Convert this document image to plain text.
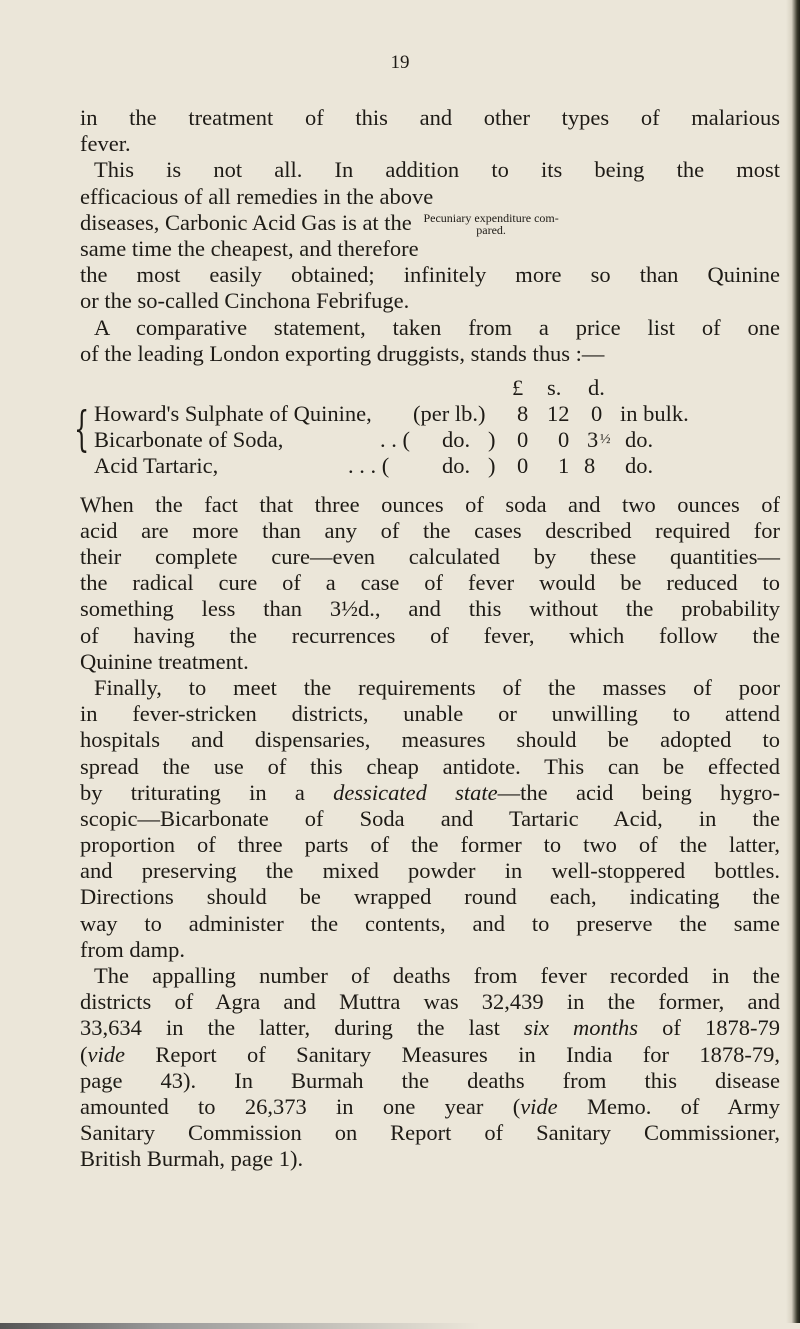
19
in the treatment of this and other types of malarious
fever.
This is not all. In addition to its being the most
efficacious of all remedies in the above
diseases, Carbonic Acid Gas is at the Pecuniary expenditure com-
pared.
same time the cheapest, and therefore
the most easily obtained; infinitely more so than Quinine
or the so-called Cinchona Febrifuge.
A comparative statement, taken from a price list of one
of the leading London exporting druggists, stands thus :—
£ s. d.
Howard's Sulphate of Quinine, (per lb.) 8 12 0 in bulk.
{ Bicarbonate of Soda,	. . ( do. ) 0 0 3 ½ do.
Acid Tartaric,	. . . ( do. ) 0 1 8 do.
When the fact that three ounces of soda and two ounces of
acid are more than any of the cases described required for
their complete cure—even calculated by these quantities—
the radical cure of a case of fever would be reduced to
something less than 3½d., and this without the probability
of having the recurrences of fever, which follow the
Quinine treatment.
Finally, to meet the requirements of the masses of poor
in fever-stricken districts, unable or unwilling to attend
hospitals and dispensaries, measures should be adopted to
spread the use of this cheap antidote. This can be effected
by triturating in a dessicated state—the acid being hygro-
scopic—Bicarbonate of Soda and Tartaric Acid, in the
proportion of three parts of the former to two of the latter,
and preserving the mixed powder in well-stoppered bottles.
Directions should be wrapped round each, indicating the
way to administer the contents, and to preserve the same
from damp.
The appalling number of deaths from fever recorded in the
districts of Agra and Muttra was 32,439 in the former, and
33,634 in the latter, during the last six months of 1878-79
(vide Report of Sanitary Measures in India for 1878-79,
page 43). In Burmah the deaths from this disease
amounted to 26,373 in one year (vide Memo. of Army
Sanitary Commission on Report of Sanitary Commissioner,
British Burmah, page 1).
